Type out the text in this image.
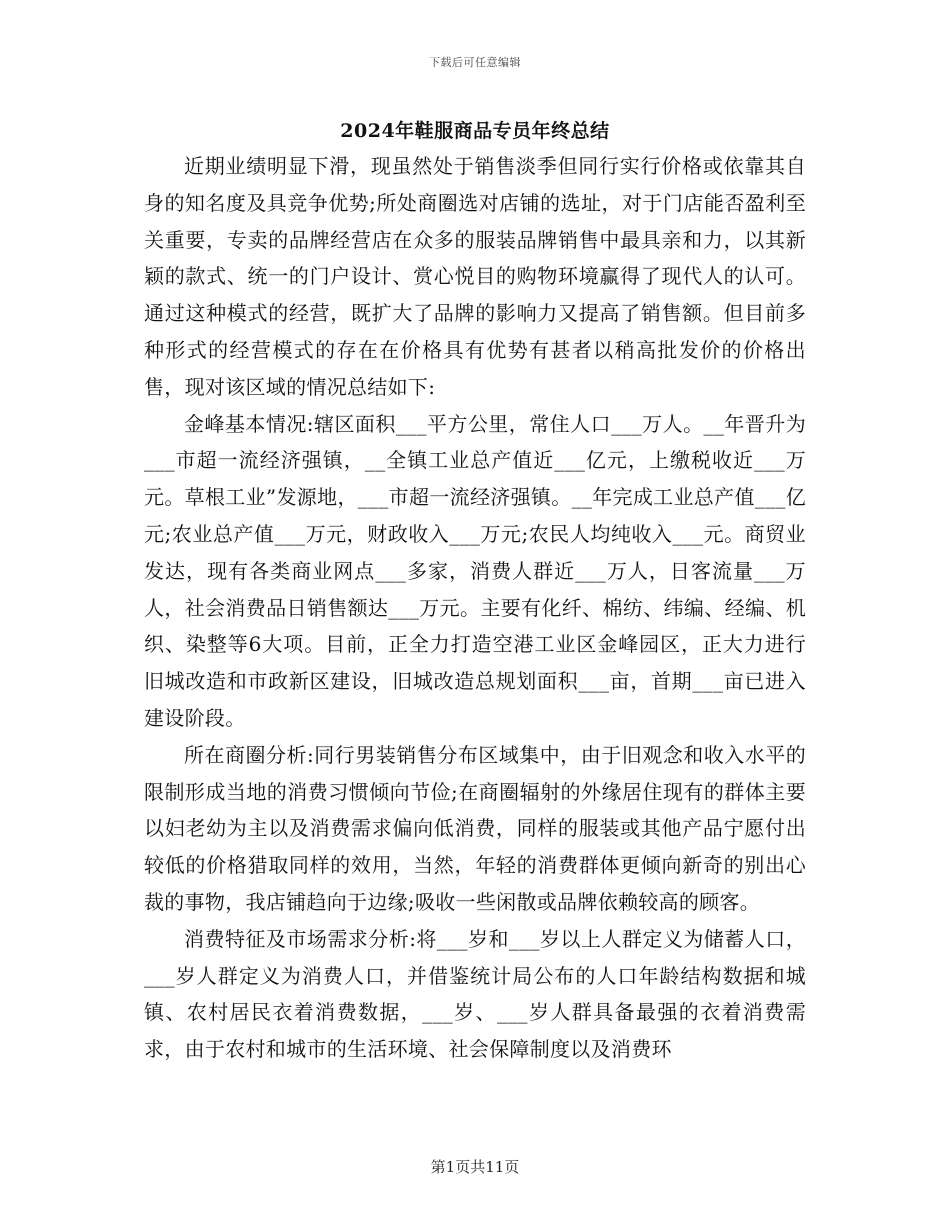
下载后可任意编辑
2024年鞋服商品专员年终总结

近期业绩明显下滑，现虽然处于销售淡季但同行实行价格或依靠其自身的知名度及具竞争优势;所处商圈选对店铺的选址，对于门店能否盈利至关重要，专卖的品牌经营店在众多的服装品牌销售中最具亲和力，以其新颖的款式、统一的门户设计、赏心悦目的购物环境赢得了现代人的认可。通过这种模式的经营，既扩大了品牌的影响力又提高了销售额。但目前多种形式的经营模式的存在在价格具有优势有甚者以稍高批发价的价格出售，现对该区域的情况总结如下:

金峰基本情况:辖区面积___平方公里，常住人口___万人。__年晋升为___市超一流经济强镇，__全镇工业总产值近___亿元，上缴税收近___万元。草根工业”发源地，___市超一流经济强镇。__年完成工业总产值___亿元;农业总产值___万元，财政收入___万元;农民人均纯收入___元。商贸业发达，现有各类商业网点___多家，消费人群近___万人，日客流量___万人，社会消费品日销售额达___万元。主要有化纤、棉纺、纬编、经编、机织、染整等6大项。目前，正全力打造空港工业区金峰园区，正大力进行旧城改造和市政新区建设，旧城改造总规划面积___亩，首期___亩已进入建设阶段。

所在商圈分析:同行男装销售分布区域集中，由于旧观念和收入水平的限制形成当地的消费习惯倾向节俭;在商圈辐射的外缘居住现有的群体主要以妇老幼为主以及消费需求偏向低消费，同样的服装或其他产品宁愿付出较低的价格猎取同样的效用，当然，年轻的消费群体更倾向新奇的别出心裁的事物，我店铺趋向于边缘;吸收一些闲散或品牌依赖较高的顾客。

消费特征及市场需求分析:将___岁和___岁以上人群定义为储蓄人口，___岁人群定义为消费人口，并借鉴统计局公布的人口年龄结构数据和城镇、农村居民衣着消费数据，___岁、___岁人群具备最强的衣着消费需求，由于农村和城市的生活环境、社会保障制度以及消费环

第1页共11页
